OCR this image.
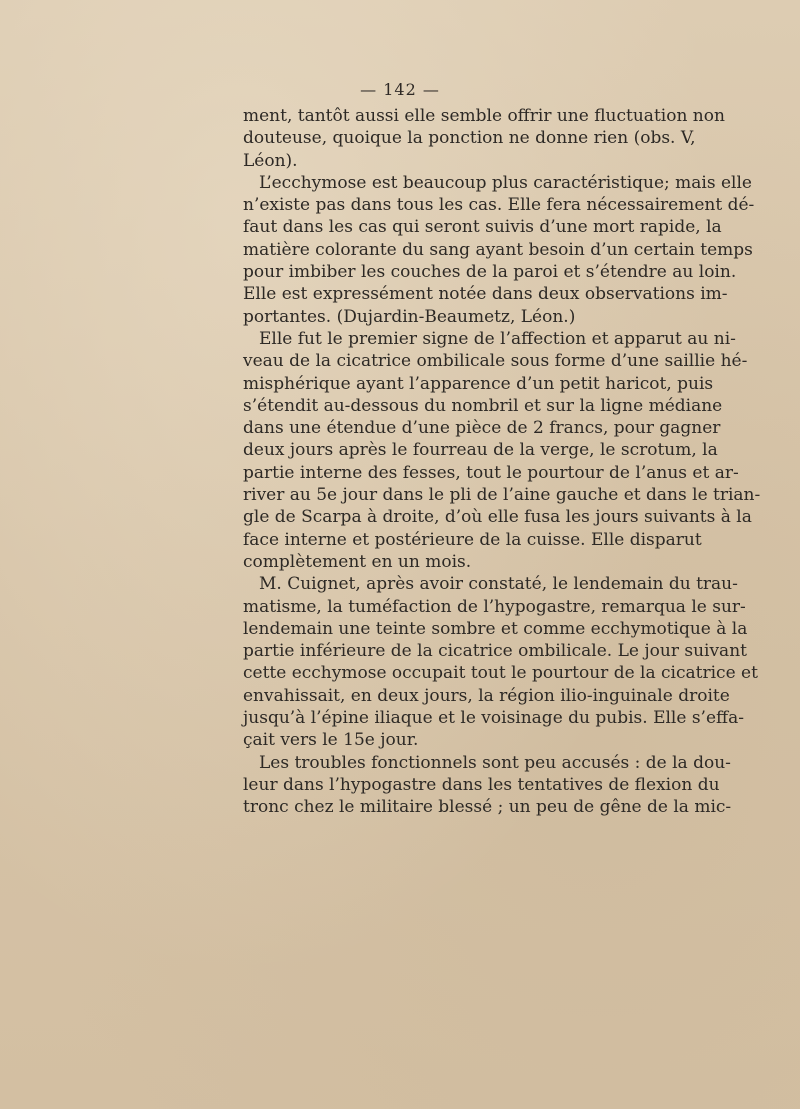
— 142 —
ment, tantôt aussi elle semble offrir une fluctuation non
douteuse, quoique la ponction ne donne rien (obs. V,
Léon).
L’ecchymose est beaucoup plus caractéristique; mais elle
n’existe pas dans tous les cas. Elle fera nécessairement dé-
faut dans les cas qui seront suivis d’une mort rapide, la
matière colorante du sang ayant besoin d’un certain temps
pour imbiber les couches de la paroi et s’étendre au loin.
Elle est expressément notée dans deux observations im-
portantes. (Dujardin-Beaumetz, Léon.)
Elle fut le premier signe de l’affection et apparut au ni-
veau de la cicatrice ombilicale sous forme d’une saillie hé-
misphérique ayant l’apparence d’un petit haricot, puis
s’étendit au-dessous du nombril et sur la ligne médiane
dans une étendue d’une pièce de 2 francs, pour gagner
deux jours après le fourreau de la verge, le scrotum, la
partie interne des fesses, tout le pourtour de l’anus et ar-
river au 5e jour dans le pli de l’aine gauche et dans le trian-
gle de Scarpa à droite, d’où elle fusa les jours suivants à la
face interne et postérieure de la cuisse. Elle disparut
complètement en un mois.
M. Cuignet, après avoir constaté, le lendemain du trau-
matisme, la tuméfaction de l’hypogastre, remarqua le sur-
lendemain une teinte sombre et comme ecchymotique à la
partie inférieure de la cicatrice ombilicale. Le jour suivant
cette ecchymose occupait tout le pourtour de la cicatrice et
envahissait, en deux jours, la région ilio-inguinale droite
jusqu’à l’épine iliaque et le voisinage du pubis. Elle s’effa-
çait vers le 15e jour.
Les troubles fonctionnels sont peu accusés : de la dou-
leur dans l’hypogastre dans les tentatives de flexion du
tronc chez le militaire blessé ; un peu de gêne de la mic-
